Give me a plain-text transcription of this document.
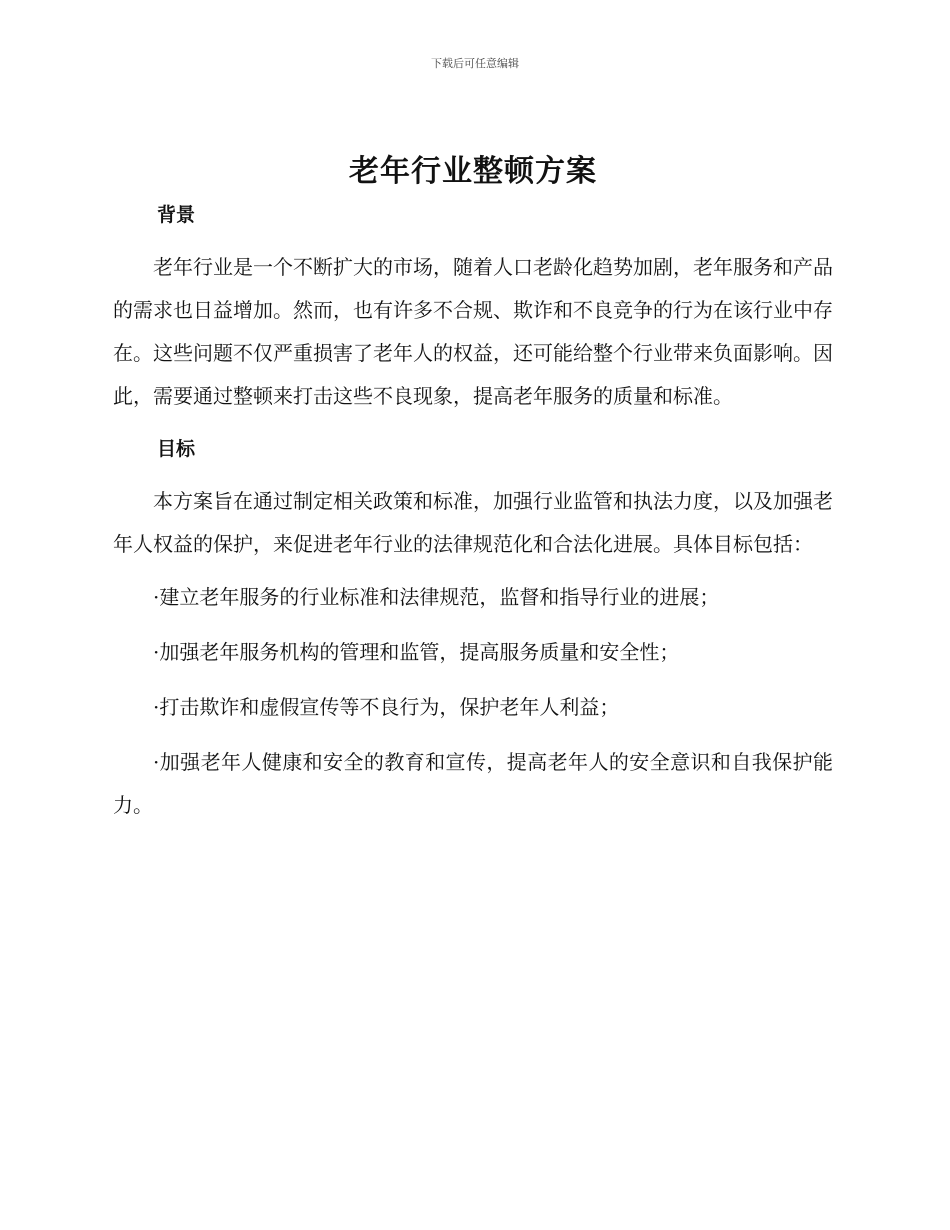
下载后可任意编辑
老年行业整顿方案
背景

老年行业是一个不断扩大的市场，随着人口老龄化趋势加剧，老年服务和产品的需求也日益增加。然而，也有许多不合规、欺诈和不良竞争的行为在该行业中存在。这些问题不仅严重损害了老年人的权益，还可能给整个行业带来负面影响。因此，需要通过整顿来打击这些不良现象，提高老年服务的质量和标准。

目标

本方案旨在通过制定相关政策和标准，加强行业监管和执法力度，以及加强老年人权益的保护，来促进老年行业的法律规范化和合法化进展。具体目标包括：

·建立老年服务的行业标准和法律规范，监督和指导行业的进展；
·加强老年服务机构的管理和监管，提高服务质量和安全性；
·打击欺诈和虚假宣传等不良行为，保护老年人利益；
·加强老年人健康和安全的教育和宣传，提高老年人的安全意识和自我保护能力。
